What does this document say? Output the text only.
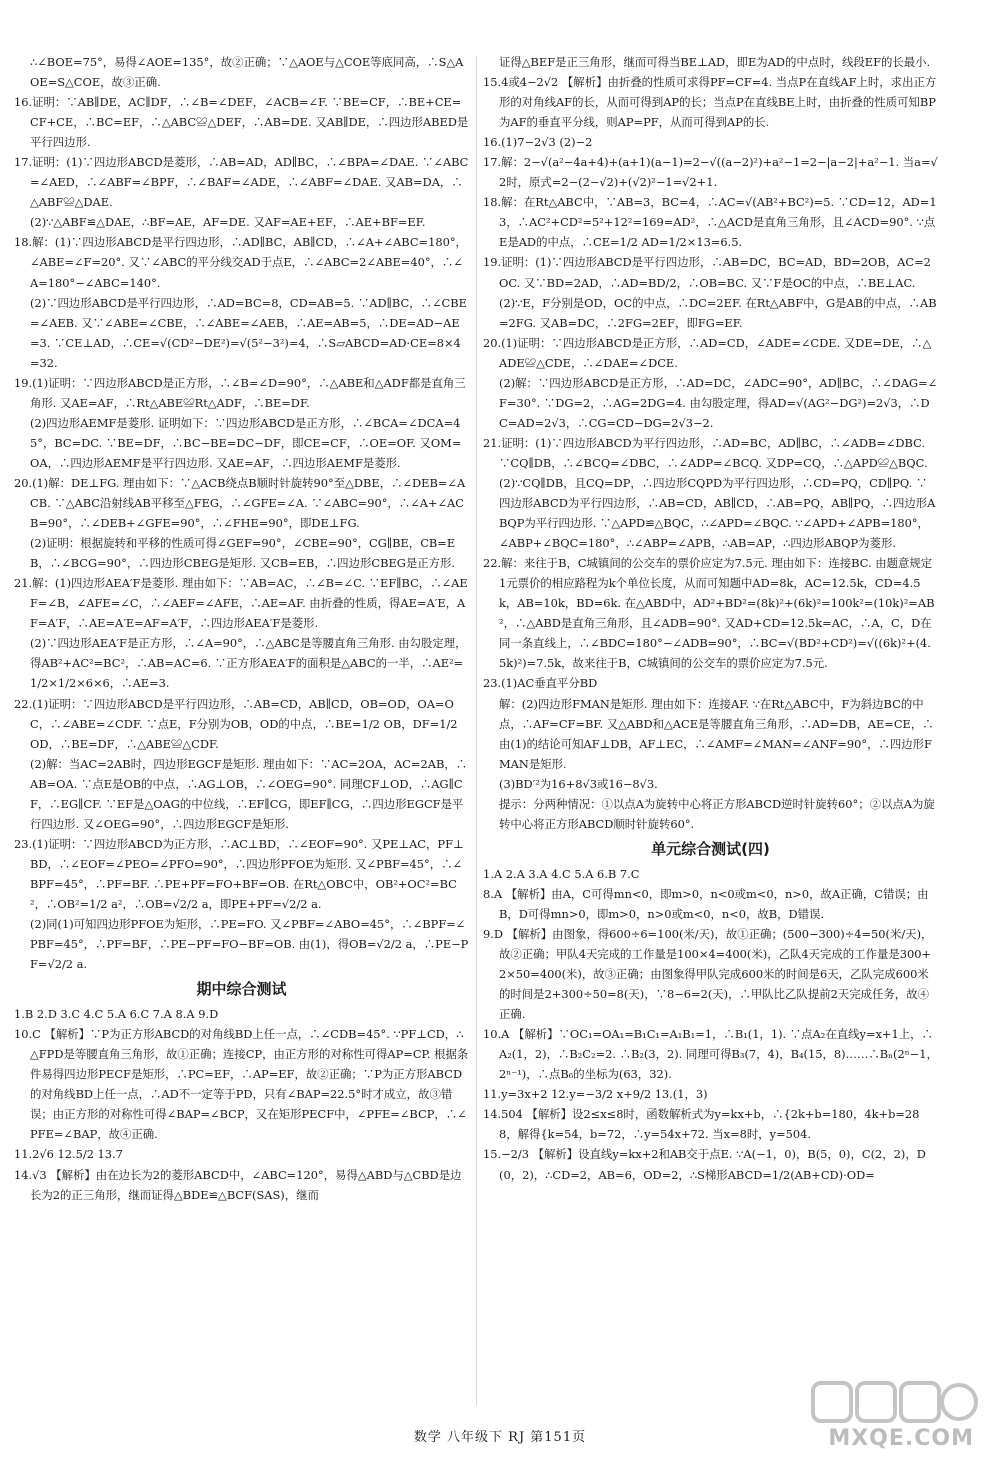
∴∠BOE=75°，易得∠AOE=135°，故②正确；∵△AOE与△COE等底同高，∴S△AOE=S△COE，故③正确.

16.证明：∵AB∥DE，AC∥DF，∴∠B=∠DEF，∠ACB=∠F. ∵BE=CF，∴BE+CE=CF+CE，∴BC=EF，∴△ABC≌△DEF，∴AB=DE. 又AB∥DE，∴四边形ABED是平行四边形.

17.证明：(1)∵四边形ABCD是菱形，∴AB=AD，AD∥BC，∴∠BPA=∠DAE. ∵∠ABC=∠AED，∴∠ABF=∠BPF，∴∠BAF=∠ADE，∴∠ABF=∠DAE. 又AB=DA，∴△ABF≌△DAE.

(2)∵△ABF≌△DAE，∴BF=AE，AF=DE. 又AF=AE+EF，∴AE+BF=EF.

18.解：(1)∵四边形ABCD是平行四边形，∴AD∥BC，AB∥CD，∴∠A+∠ABC=180°，∠ABE=∠F=20°. 又∵∠ABC的平分线交AD于点E，∴∠ABC=2∠ABE=40°，∴∠A=180°−∠ABC=140°.

(2)∵四边形ABCD是平行四边形，∴AD=BC=8，CD=AB=5. ∵AD∥BC，∴∠CBE=∠AEB. 又∵∠ABE=∠CBE，∴∠ABE=∠AEB，∴AE=AB=5，∴DE=AD−AE=3. ∵CE⊥AD，∴CE=√(CD²−DE²)=√(5²−3²)=4，∴S▱ABCD=AD·CE=8×4=32.

19.(1)证明：∵四边形ABCD是正方形，∴∠B=∠D=90°，∴△ABE和△ADF都是直角三角形. 又AE=AF，∴Rt△ABE≌Rt△ADF，∴BE=DF.

(2)四边形AEMF是菱形. 证明如下：∵四边形ABCD是正方形，∴∠BCA=∠DCA=45°，BC=DC. ∵BE=DF，∴BC−BE=DC−DF，即CE=CF，∴OE=OF. 又OM=OA，∴四边形AEMF是平行四边形. 又AE=AF，∴四边形AEMF是菱形.

20.(1)解：DE⊥FG. 理由如下：∵△ACB绕点B顺时针旋转90°至△DBE，∴∠DEB=∠ACB. ∵△ABC沿射线AB平移至△FEG，∴∠GFE=∠A. ∵∠ABC=90°，∴∠A+∠ACB=90°，∴∠DEB+∠GFE=90°，∴∠FHE=90°，即DE⊥FG.

(2)证明：根据旋转和平移的性质可得∠GEF=90°，∠CBE=90°，CG∥BE，CB=EB，∴∠BCG=90°，∴四边形CBEG是矩形. 又CB=EB，∴四边形CBEG是正方形.

21.解：(1)四边形AEA′F是菱形. 理由如下：∵AB=AC，∴∠B=∠C. ∵EF∥BC，∴∠AEF=∠B，∠AFE=∠C，∴∠AEF=∠AFE，∴AE=AF. 由折叠的性质，得AE=A′E，AF=A′F，∴AE=A′E=AF=A′F，∴四边形AEA′F是菱形.

(2)∵四边形AEA′F是正方形，∴∠A=90°，∴△ABC是等腰直角三角形. 由勾股定理，得AB²+AC²=BC²，∴AB=AC=6. ∵正方形AEA′F的面积是△ABC的一半，∴AE²=1/2×1/2×6×6，∴AE=3.

22.(1)证明：∵四边形ABCD是平行四边形，∴AB=CD，AB∥CD，OB=OD，OA=OC，∴∠ABE=∠CDF. ∵点E，F分别为OB，OD的中点，∴BE=1/2 OB，DF=1/2 OD，∴BE=DF，∴△ABE≌△CDF.

(2)解：当AC=2AB时，四边形EGCF是矩形. 理由如下：∵AC=2OA，AC=2AB，∴AB=OA. ∵点E是OB的中点，∴AG⊥OB，∴∠OEG=90°. 同理CF⊥OD，∴AG∥CF，∴EG∥CF. ∵EF是△OAG的中位线，∴EF∥CG，即EF∥CG，∴四边形EGCF是平行四边形. 又∠OEG=90°，∴四边形EGCF是矩形.

23.(1)证明：∵四边形ABCD为正方形，∴AC⊥BD，∴∠EOF=90°. 又PE⊥AC，PF⊥BD，∴∠EOF=∠PEO=∠PFO=90°，∴四边形PFOE为矩形. 又∠PBF=45°，∴∠BPF=45°，∴PF=BF. ∴PE+PF=FO+BF=OB. 在Rt△OBC中，OB²+OC²=BC²，∴OB²=1/2 a²，∴OB=√2/2 a，即PE+PF=√2/2 a.

(2)同(1)可知四边形PFOE为矩形，∴PE=FO. 又∠PBF=∠ABO=45°，∴∠BPF=∠PBF=45°，∴PF=BF，∴PE−PF=FO−BF=OB. 由(1)，得OB=√2/2 a，∴PE−PF=√2/2 a.

期中综合测试

1.B 2.D 3.C 4.C 5.A 6.C 7.A 8.A 9.D

10.C 【解析】∵P为正方形ABCD的对角线BD上任一点，∴∠CDB=45°. ∵PF⊥CD，∴△FPD是等腰直角三角形，故①正确；连接CP，由正方形的对称性可得AP=CP. 根据条件易得四边形PECF是矩形，∴PC=EF，∴AP=EF，故②正确；∵P为正方形ABCD的对角线BD上任一点，∴AD不一定等于PD，只有∠BAP=22.5°时才成立，故③错误；由正方形的对称性可得∠BAP=∠BCP，又在矩形PECF中，∠PFE=∠BCP，∴∠PFE=∠BAP，故④正确.

11.2√6 12.5/2 13.7

14.√3 【解析】由在边长为2的菱形ABCD中，∠ABC=120°，易得△ABD与△CBD是边长为2的正三角形，继而证得△BDE≌△BCF(SAS)，继而

证得△BEF是正三角形，继而可得当BE⊥AD，即E为AD的中点时，线段EF的长最小.

15.4或4−2√2 【解析】由折叠的性质可求得PF=CF=4. 当点P在直线AF上时，求出正方形的对角线AF的长，从而可得到AP的长；当点P在直线BE上时，由折叠的性质可知BP为AF的垂直平分线，则AP=PF，从而可得到AP的长.

16.(1)7−2√3 (2)−2

17.解：2−√(a²−4a+4)+(a+1)(a−1)=2−√((a−2)²)+a²−1=2−|a−2|+a²−1. 当a=√2时，原式=2−(2−√2)+(√2)²−1=√2+1.

18.解：在Rt△ABC中，∵AB=3，BC=4，∴AC=√(AB²+BC²)=5. ∵CD=12，AD=13，∴AC²+CD²=5²+12²=169=AD²，∴△ACD是直角三角形，且∠ACD=90°. ∵点E是AD的中点，∴CE=1/2 AD=1/2×13=6.5.

19.证明：(1)∵四边形ABCD是平行四边形，∴AB=DC，BC=AD，BD=2OB，AC=2OC. 又∵BD=2AD，∴AD=BD/2，∴OB=BC. 又∵F是OC的中点，∴BE⊥AC.

(2)∵E，F分别是OD，OC的中点，∴DC=2EF. 在Rt△ABF中，G是AB的中点，∴AB=2FG. 又AB=DC，∴2FG=2EF，即FG=EF.

20.(1)证明：∵四边形ABCD是正方形，∴AD=CD，∠ADE=∠CDE. 又DE=DE，∴△ADE≌△CDE，∴∠DAE=∠DCE.

(2)解：∵四边形ABCD是正方形，∴AD=DC，∠ADC=90°，AD∥BC，∴∠DAG=∠F=30°. ∵DG=2，∴AG=2DG=4. 由勾股定理，得AD=√(AG²−DG²)=2√3，∴DC=AD=2√3，∴CG=CD−DG=2√3−2.

21.证明：(1)∵四边形ABCD为平行四边形，∴AD=BC，AD∥BC，∴∠ADB=∠DBC. ∵CQ∥DB，∴∠BCQ=∠DBC，∴∠ADP=∠BCQ. 又DP=CQ，∴△APD≌△BQC.

(2)∵CQ∥DB，且CQ=DP，∴四边形CQPD为平行四边形，∴CD=PQ，CD∥PQ. ∵四边形ABCD为平行四边形，∴AB=CD，AB∥CD，∴AB=PQ，AB∥PQ，∴四边形ABQP为平行四边形. ∵△APD≌△BQC，∴∠APD=∠BQC. ∵∠APD+∠APB=180°，∠ABP+∠BQC=180°，∴∠ABP=∠APB，∴AB=AP，∴四边形ABQP为菱形.

22.解：来往于B，C城镇间的公交车的票价应定为7.5元. 理由如下：连接BC. 由题意规定1元票价的相应路程为k个单位长度，从而可知题中AD=8k，AC=12.5k，CD=4.5k，AB=10k，BD=6k. 在△ABD中，AD²+BD²=(8k)²+(6k)²=100k²=(10k)²=AB²，∴△ABD是直角三角形，且∠ADB=90°. 又AD+CD=12.5k=AC，∴A，C，D在同一条直线上，∴∠BDC=180°−∠ADB=90°，∴BC=√(BD²+CD²)=√((6k)²+(4.5k)²)=7.5k，故来往于B，C城镇间的公交车的票价应定为7.5元.

23.(1)AC垂直平分BD

解：(2)四边形FMAN是矩形. 理由如下：连接AF. ∵在Rt△ABC中，F为斜边BC的中点，∴AF=CF=BF. 又△ABD和△ACE是等腰直角三角形，∴AD=DB，AE=CE，∴由(1)的结论可知AF⊥DB，AF⊥EC，∴∠AMF=∠MAN=∠ANF=90°，∴四边形FMAN是矩形.

(3)BD′²为16+8√3或16−8√3.

提示：分两种情况：①以点A为旋转中心将正方形ABCD逆时针旋转60°；②以点A为旋转中心将正方形ABCD顺时针旋转60°.

单元综合测试(四)

1.A 2.A 3.A 4.C 5.A 6.B 7.C

8.A 【解析】由A，C可得mn<0，即m>0，n<0或m<0，n>0，故A正确，C错误；由B，D可得mn>0，即m>0，n>0或m<0，n<0，故B，D错误.

9.D 【解析】由图象，得600÷6=100(米/天)，故①正确；(500−300)÷4=50(米/天)，故②正确；甲队4天完成的工作量是100×4=400(米)，乙队4天完成的工作量是300+2×50=400(米)，故③正确；由图象得甲队完成600米的时间是6天，乙队完成600米的时间是2+300÷50=8(天)，∵8−6=2(天)，∴甲队比乙队提前2天完成任务，故④正确.

10.A 【解析】∵OC₁=OA₁=B₁C₁=A₁B₁=1，∴B₁(1，1). ∵点A₂在直线y=x+1上，∴A₂(1，2)，∴B₂C₂=2. ∴B₂(3，2). 同理可得B₃(7，4)，B₄(15，8)……∴Bₙ(2ⁿ−1，2ⁿ⁻¹)，∴点B₆的坐标为(63，32).

11.y=3x+2 12.y=−3/2 x+9/2 13.(1，3)

14.504 【解析】设2≤x≤8时，函数解析式为y=kx+b，∴{2k+b=180，4k+b=288，解得{k=54，b=72，∴y=54x+72. 当x=8时，y=504.

15.−2/3 【解析】设直线y=kx+2和AB交于点E. ∵A(−1，0)，B(5，0)，C(2，2)，D(0，2)，∴CD=2，AB=6，OD=2，∴S梯形ABCD=1/2(AB+CD)·OD=

数学 八年级下 RJ 第151页	MXQE.COM
